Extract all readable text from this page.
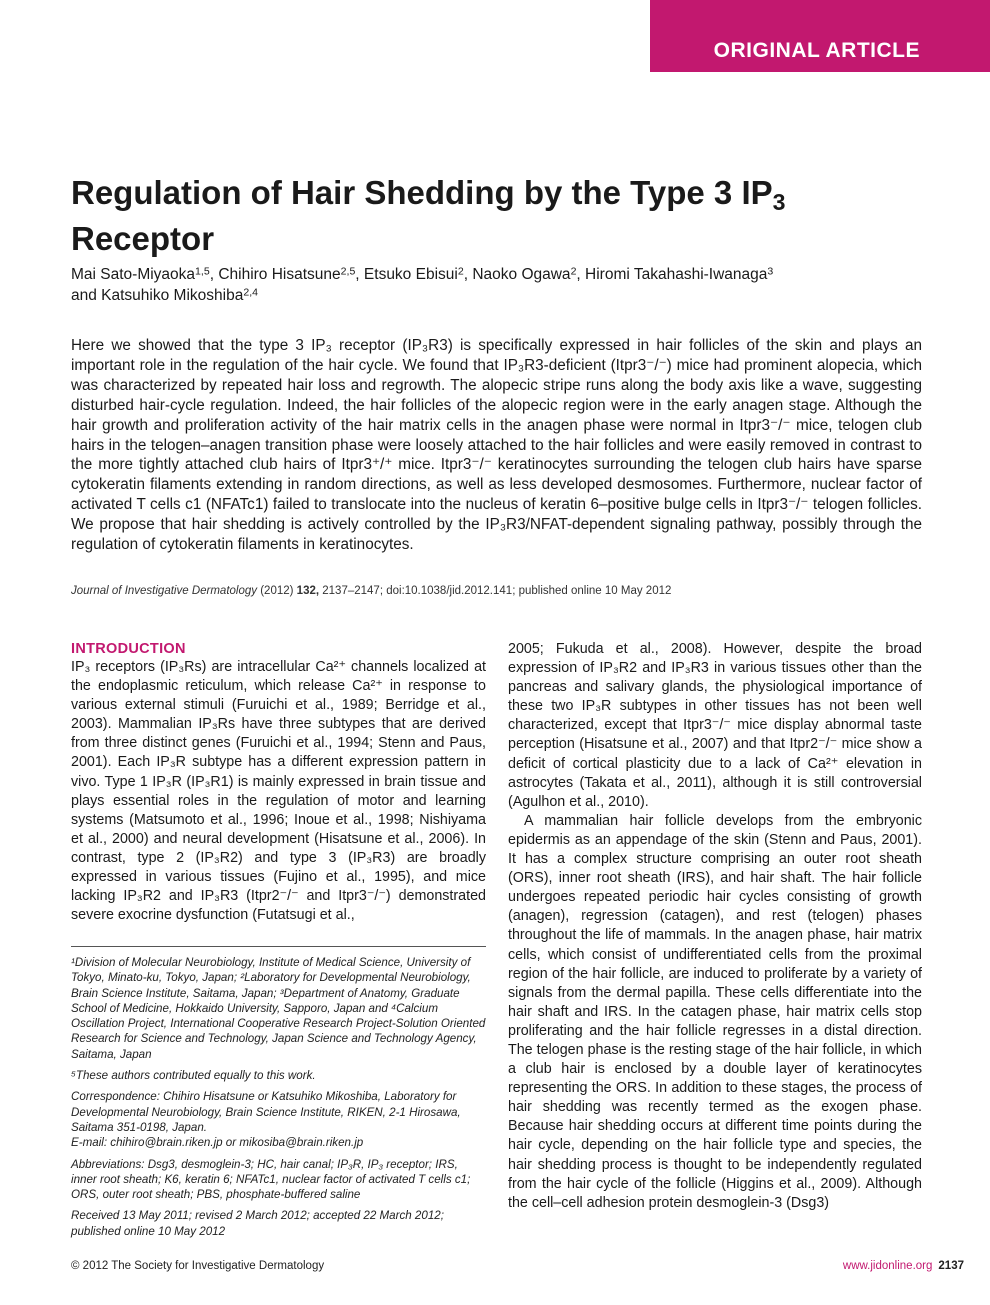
ORIGINAL ARTICLE
Regulation of Hair Shedding by the Type 3 $IP_3$
Receptor
Mai Sato-Miyaoka$^{1,5}$, Chihiro Hisatsune$^{2,5}$, Etsuko Ebisui$^2$, Naoko Ogawa$^2$, Hiromi Takahashi-Iwanaga$^3$
and Katsuhiko Mikoshiba$^{2,4}$

Here we showed that the type 3 IP₃ receptor (IP₃R3) is specifically expressed in hair follicles of the skin and plays an important role in the regulation of the hair cycle. We found that IP₃R3-deficient (Itpr3⁻/⁻) mice had prominent alopecia, which was characterized by repeated hair loss and regrowth. The alopecic stripe runs along the body axis like a wave, suggesting disturbed hair-cycle regulation. Indeed, the hair follicles of the alopecic region were in the early anagen stage. Although the hair growth and proliferation activity of the hair matrix cells in the anagen phase were normal in Itpr3⁻/⁻ mice, telogen club hairs in the telogen–anagen transition phase were loosely attached to the hair follicles and were easily removed in contrast to the more tightly attached club hairs of Itpr3⁺/⁺ mice. Itpr3⁻/⁻ keratinocytes surrounding the telogen club hairs have sparse cytokeratin filaments extending in random directions, as well as less developed desmosomes. Furthermore, nuclear factor of activated T cells c1 (NFATc1) failed to translocate into the nucleus of keratin 6–positive bulge cells in Itpr3⁻/⁻ telogen follicles. We propose that hair shedding is actively controlled by the IP₃R3/NFAT-dependent signaling pathway, possibly through the regulation of cytokeratin filaments in keratinocytes.

Journal of Investigative Dermatology (2012) 132, 2137–2147; doi:10.1038/jid.2012.141; published online 10 May 2012

INTRODUCTION

IP₃ receptors (IP₃Rs) are intracellular Ca²⁺ channels localized at the endoplasmic reticulum, which release Ca²⁺ in response to various external stimuli (Furuichi et al., 1989; Berridge et al., 2003). Mammalian IP₃Rs have three subtypes that are derived from three distinct genes (Furuichi et al., 1994; Stenn and Paus, 2001). Each IP₃R subtype has a different expression pattern in vivo. Type 1 IP₃R (IP₃R1) is mainly expressed in brain tissue and plays essential roles in the regulation of motor and learning systems (Matsumoto et al., 1996; Inoue et al., 1998; Nishiyama et al., 2000) and neural development (Hisatsune et al., 2006). In contrast, type 2 (IP₃R2) and type 3 (IP₃R3) are broadly expressed in various tissues (Fujino et al., 1995), and mice lacking IP₃R2 and IP₃R3 (Itpr2⁻/⁻ and Itpr3⁻/⁻) demonstrated severe exocrine dysfunction (Futatsugi et al.,

¹Division of Molecular Neurobiology, Institute of Medical Science, University of Tokyo, Minato-ku, Tokyo, Japan; ²Laboratory for Developmental Neurobiology, Brain Science Institute, Saitama, Japan; ³Department of Anatomy, Graduate School of Medicine, Hokkaido University, Sapporo, Japan and ⁴Calcium Oscillation Project, International Cooperative Research Project-Solution Oriented Research for Science and Technology, Japan Science and Technology Agency, Saitama, Japan

⁵These authors contributed equally to this work.

Correspondence: Chihiro Hisatsune or Katsuhiko Mikoshiba, Laboratory for Developmental Neurobiology, Brain Science Institute, RIKEN, 2-1 Hirosawa, Saitama 351-0198, Japan.

E-mail: chihiro@brain.riken.jp or mikosiba@brain.riken.jp

Abbreviations: Dsg3, desmoglein-3; HC, hair canal; IP₃R, IP₃ receptor; IRS, inner root sheath; K6, keratin 6; NFATc1, nuclear factor of activated T cells c1; ORS, outer root sheath; PBS, phosphate-buffered saline

Received 13 May 2011; revised 2 March 2012; accepted 22 March 2012; published online 10 May 2012

2005; Fukuda et al., 2008). However, despite the broad expression of IP₃R2 and IP₃R3 in various tissues other than the pancreas and salivary glands, the physiological importance of these two IP₃R subtypes in other tissues has not been well characterized, except that Itpr3⁻/⁻ mice display abnormal taste perception (Hisatsune et al., 2007) and that Itpr2⁻/⁻ mice show a deficit of cortical plasticity due to a lack of Ca²⁺ elevation in astrocytes (Takata et al., 2011), although it is still controversial (Agulhon et al., 2010).

A mammalian hair follicle develops from the embryonic epidermis as an appendage of the skin (Stenn and Paus, 2001). It has a complex structure comprising an outer root sheath (ORS), inner root sheath (IRS), and hair shaft. The hair follicle undergoes repeated periodic hair cycles consisting of growth (anagen), regression (catagen), and rest (telogen) phases throughout the life of mammals. In the anagen phase, hair matrix cells, which consist of undifferentiated cells from the proximal region of the hair follicle, are induced to proliferate by a variety of signals from the dermal papilla. These cells differentiate into the hair shaft and IRS. In the catagen phase, hair matrix cells stop proliferating and the hair follicle regresses in a distal direction. The telogen phase is the resting stage of the hair follicle, in which a club hair is enclosed by a double layer of keratinocytes representing the ORS. In addition to these stages, the process of hair shedding was recently termed as the exogen phase. Because hair shedding occurs at different time points during the hair cycle, depending on the hair follicle type and species, the hair shedding process is thought to be independently regulated from the hair cycle of the follicle (Higgins et al., 2009). Although the cell–cell adhesion protein desmoglein-3 (Dsg3)

© 2012 The Society for Investigative Dermatology	www.jidonline.org 2137
